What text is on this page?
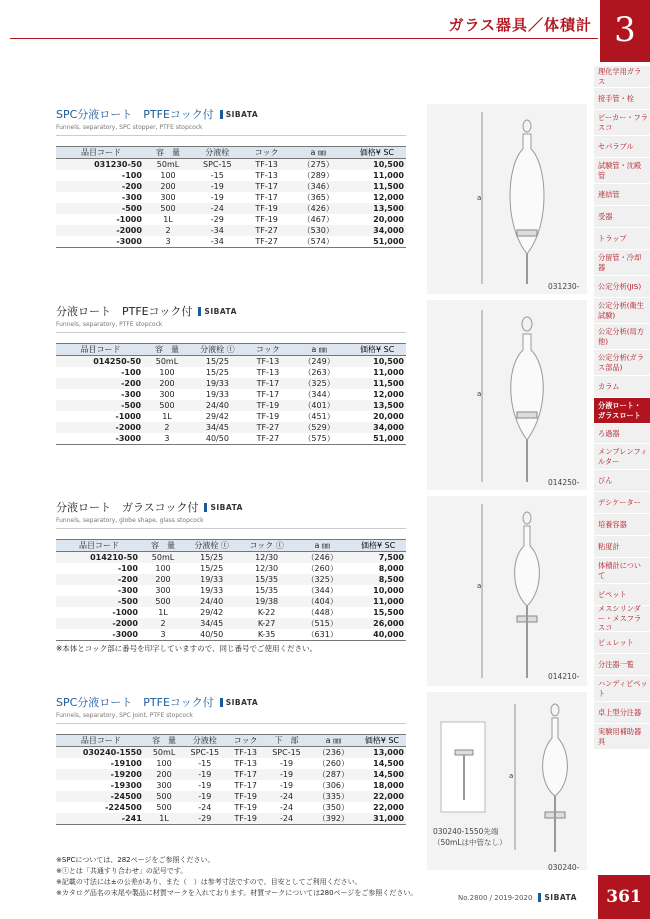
ガラス器具／体積計 3
理化学用ガラス
接手管・栓
ビーカー・フラスコ
セパラブル
試験管・沈殿管
連結管
受器
トラップ
分留管・冷却器
公定分析(JIS)
公定分析(衛生試験)
公定分析(局方他)
公定分析(ガラス部品)
カラム
分液ロート・ガラスロート
ろ過器
メンブレンフィルター
びん
デシケーター
培養容器
粘度計
体積計について
ピペット
メスシリンダー・メスフラスコ
ビュレット
分注器一覧
ハンディピペット
卓上型分注器
実験用補助器具
SPC分液ロート　PTFEコック付	SIBATA
Funnels, separatory, SPC stopper, PTFE stopcock
品目コード	容　量	分液栓	コック	a ㎜	価格¥ SC
031230-50	50mL	SPC-15	TF-13	（275）	10,500
-100	100	-15	TF-13	（289）	11,000
-200	200	-19	TF-17	（346）	11,500
-300	300	-19	TF-17	（365）	12,000
-500	500	-24	TF-19	（426）	13,500
-1000	1L	-29	TF-19	（467）	20,000
-2000	2	-34	TF-27	（530）	34,000
-3000	3	-34	TF-27	（574）	51,000
a
031230-
分液ロート　PTFEコック付	SIBATA
Funnels, separatory, PTFE stopcock
品目コード	容　量	分液栓 ⓣ	コック	a ㎜	価格¥ SC
014250-50	50mL	15/25	TF-13	（249）	10,500
-100	100	15/25	TF-13	（263）	11,000
-200	200	19/33	TF-17	（325）	11,500
-300	300	19/33	TF-17	（344）	12,000
-500	500	24/40	TF-19	（401）	13,500
-1000	1L	29/42	TF-19	（451）	20,000
-2000	2	34/45	TF-27	（529）	34,000
-3000	3	40/50	TF-27	（575）	51,000
a
014250-
分液ロート　ガラスコック付	SIBATA
Funnels, separatory, globe shape, glass stopcock
品目コード	容　量	分液栓 ⓣ	コック ⓣ	a ㎜	価格¥ SC
014210-50	50mL	15/25	12/30	（246）	7,500
-100	100	15/25	12/30	（260）	8,000
-200	200	19/33	15/35	（325）	8,500
-300	300	19/33	15/35	（344）	10,000
-500	500	24/40	19/38	（404）	11,000
-1000	1L	29/42	K-22	（448）	15,500
-2000	2	34/45	K-27	（515）	26,000
-3000	3	40/50	K-35	（631）	40,000
※本体とコック部に番号を印字していますので、同じ番号でご使用ください。
a
014210-
SPC分液ロート　PTFEコック付	SIBATA
Funnels, separatory, SPC Joint, PTFE stopcock
品目コード	容　量	分液栓	コック	下　部	a ㎜	価格¥ SC
030240-1550	50mL	SPC-15	TF-13	SPC-15	（236）	13,000
-19100	100	-15	TF-13	-19	（260）	14,500
-19200	200	-19	TF-17	-19	（287）	14,500
-19300	300	-19	TF-17	-19	（306）	18,000
-24500	500	-19	TF-19	-24	（335）	22,000
-224500	500	-24	TF-19	-24	（350）	22,000
-241	1L	-29	TF-19	-24	（392）	31,000
a
030240-1550先端
（50mLは中管なし）
030240-
※SPCについては、282ページをご参照ください。
※ⓣとは「共通すり合わせ」の記号です。
※記載の寸法には±の公差があり、また（　）は参考寸法ですので、目安としてご利用ください。
※カタログ品名の末尾や製品に材質マークを入れております。材質マークについては280ページをご参照ください。
No.2800 / 2019-2020	SIBATA	361
